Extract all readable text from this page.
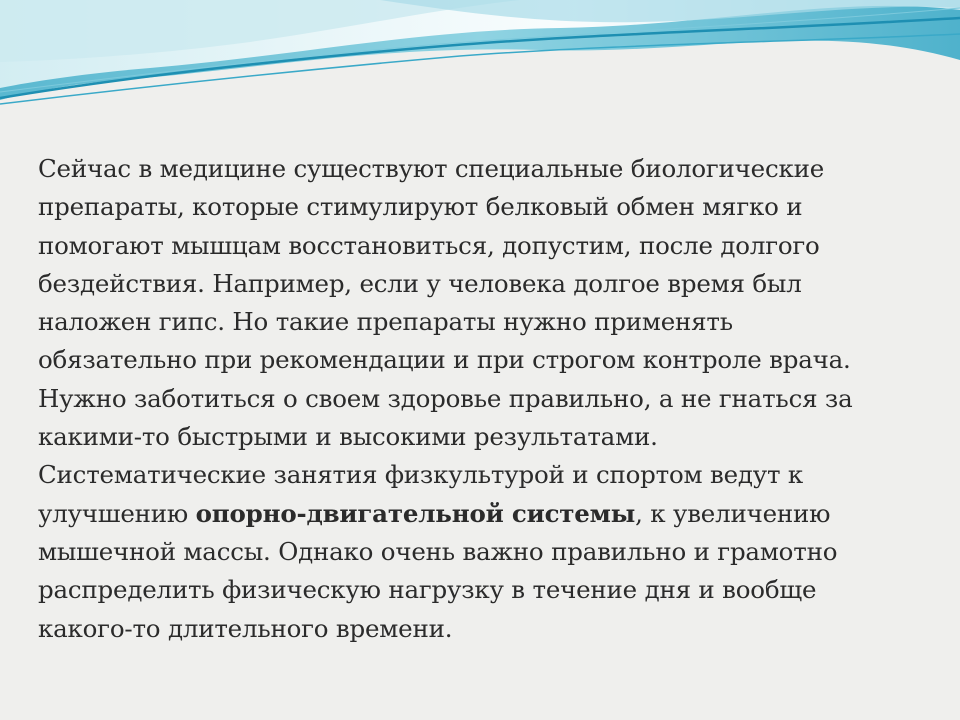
Сейчас в медицине существуют специальные биологические
препараты, которые стимулируют белковый обмен мягко и
помогают мышцам восстановиться, допустим, после долгого
бездействия. Например, если у человека долгое время был
наложен гипс. Но такие препараты нужно применять
обязательно при рекомендации и при строгом контроле врача.
Нужно заботиться о своем здоровье правильно, а не гнаться за
какими-то быстрыми и высокими результатами.
Систематические занятия физкультурой и спортом ведут к
улучшению опорно-двигательной системы, к увеличению
мышечной массы. Однако очень важно правильно и грамотно
распределить физическую нагрузку в течение дня и вообще
какого-то длительного времени.
